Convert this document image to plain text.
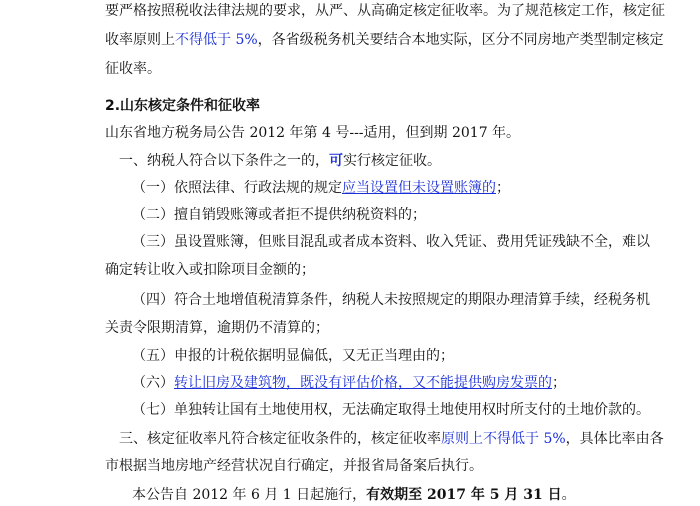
要严格按照税收法律法规的要求，从严、从高确定核定征收率。为了规范核定工作，核定征
收率原则上不得低于 5%，各省级税务机关要结合本地实际，区分不同房地产类型制定核定
征收率。
2.山东核定条件和征收率
山东省地方税务局公告 2012 年第 4 号---适用，但到期 2017 年。
一、纳税人符合以下条件之一的，可实行核定征收。
（一）依照法律、行政法规的规定应当设置但未设置账簿的；
（二）擅自销毁账簿或者拒不提供纳税资料的；
（三）虽设置账簿，但账目混乱或者成本资料、收入凭证、费用凭证残缺不全，难以
确定转让收入或扣除项目金额的；
（四）符合土地增值税清算条件，纳税人未按照规定的期限办理清算手续，经税务机
关责令限期清算，逾期仍不清算的；
（五）申报的计税依据明显偏低，又无正当理由的；
（六）转让旧房及建筑物，既没有评估价格，又不能提供购房发票的；
（七）单独转让国有土地使用权，无法确定取得土地使用权时所支付的土地价款的。
三、核定征收率凡符合核定征收条件的，核定征收率原则上不得低于 5%，具体比率由各
市根据当地房地产经营状况自行确定，并报省局备案后执行。
本公告自 2012 年 6 月 1 日起施行，有效期至 2017 年 5 月 31 日。
